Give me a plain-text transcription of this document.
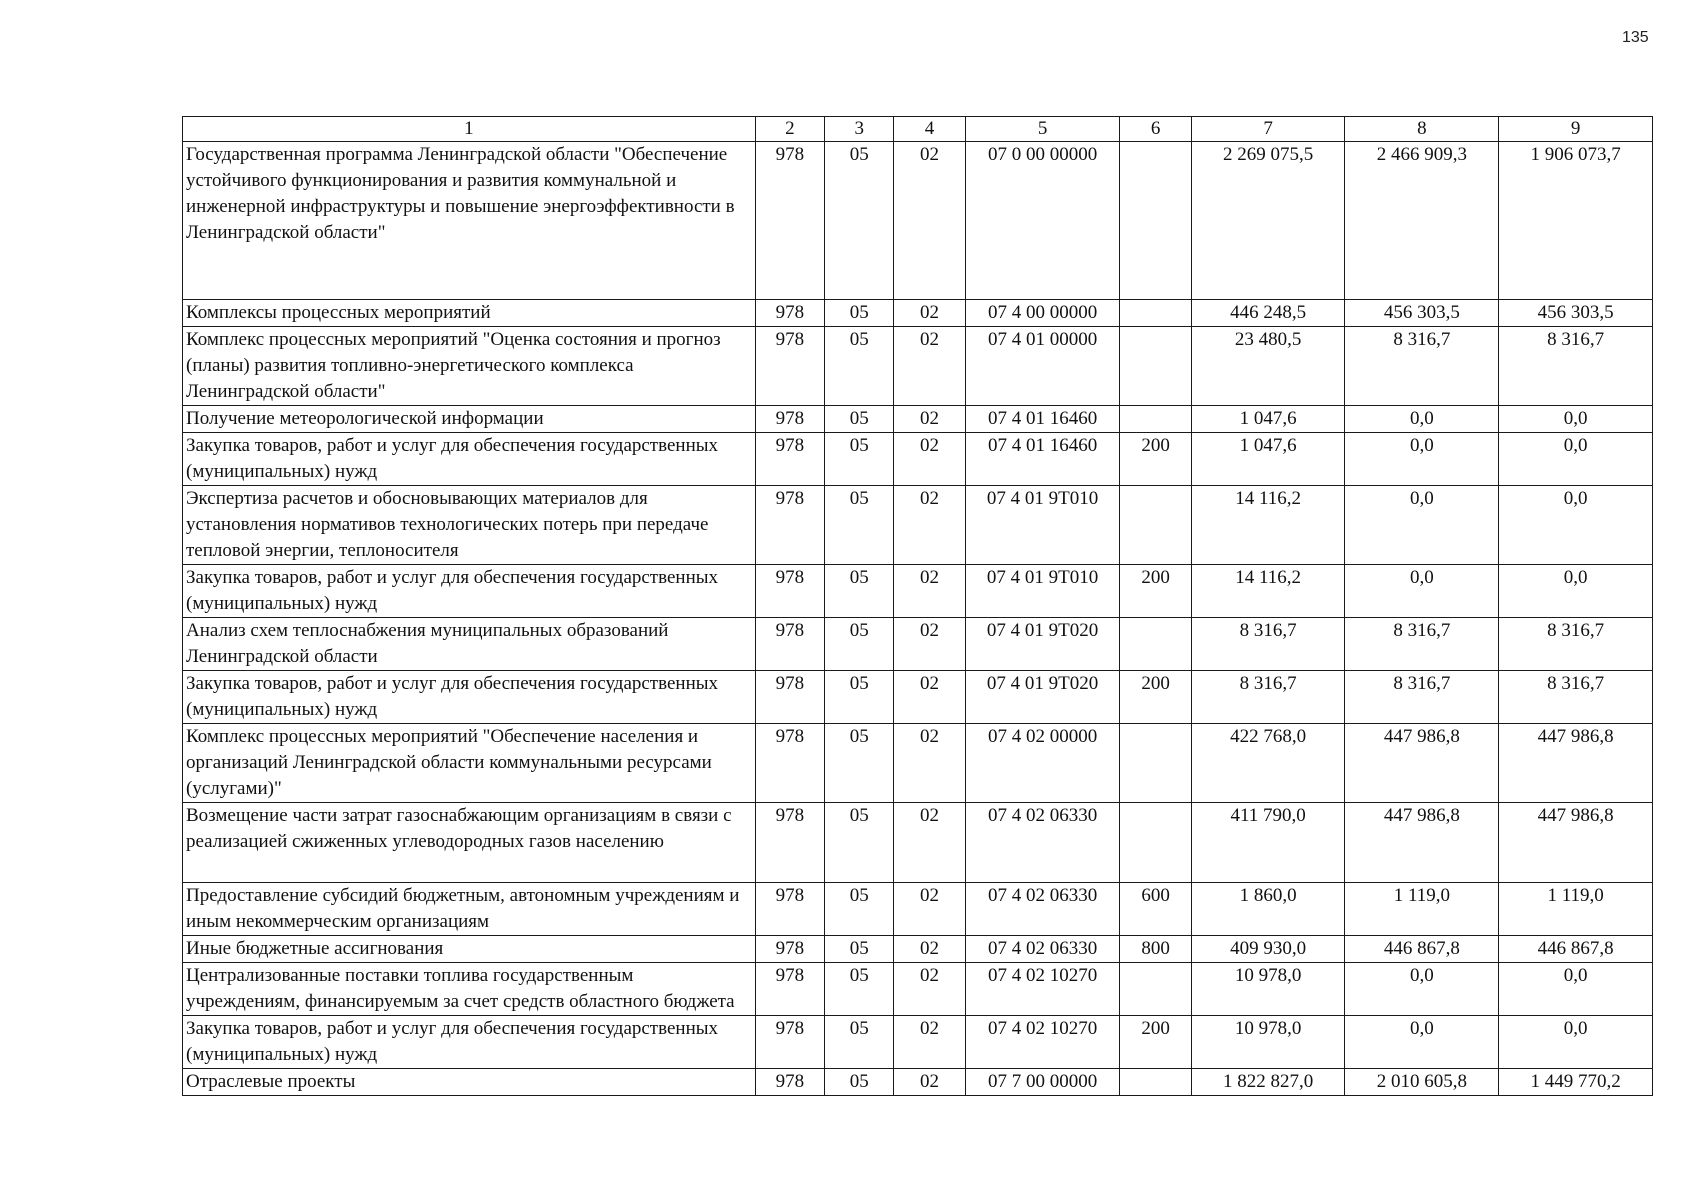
135
1	2	3	4	5	6	7	8	9
Государственная программа Ленинградской области "Обеспечение устойчивого функционирования и развития коммунальной и инженерной инфраструктуры и повышение энергоэффективности в Ленинградской области"	978	05	02	07 0 00 00000		2 269 075,5	2 466 909,3	1 906 073,7
Комплексы процессных мероприятий	978	05	02	07 4 00 00000		446 248,5	456 303,5	456 303,5
Комплекс процессных мероприятий "Оценка состояния и прогноз (планы) развития топливно-энергетического комплекса Ленинградской области"	978	05	02	07 4 01 00000		23 480,5	8 316,7	8 316,7
Получение метеорологической информации	978	05	02	07 4 01 16460		1 047,6	0,0	0,0
Закупка товаров, работ и услуг для обеспечения государственных (муниципальных) нужд	978	05	02	07 4 01 16460	200	1 047,6	0,0	0,0
Экспертиза расчетов и обосновывающих материалов для установления нормативов технологических потерь при передаче тепловой энергии, теплоносителя	978	05	02	07 4 01 9Т010		14 116,2	0,0	0,0
Закупка товаров, работ и услуг для обеспечения государственных (муниципальных) нужд	978	05	02	07 4 01 9Т010	200	14 116,2	0,0	0,0
Анализ схем теплоснабжения муниципальных образований Ленинградской области	978	05	02	07 4 01 9Т020		8 316,7	8 316,7	8 316,7
Закупка товаров, работ и услуг для обеспечения государственных (муниципальных) нужд	978	05	02	07 4 01 9Т020	200	8 316,7	8 316,7	8 316,7
Комплекс процессных мероприятий "Обеспечение населения и организаций Ленинградской области коммунальными ресурсами (услугами)"	978	05	02	07 4 02 00000		422 768,0	447 986,8	447 986,8
Возмещение части затрат газоснабжающим организациям в связи с реализацией сжиженных углеводородных газов населению	978	05	02	07 4 02 06330		411 790,0	447 986,8	447 986,8
Предоставление субсидий бюджетным, автономным учреждениям и иным некоммерческим организациям	978	05	02	07 4 02 06330	600	1 860,0	1 119,0	1 119,0
Иные бюджетные ассигнования	978	05	02	07 4 02 06330	800	409 930,0	446 867,8	446 867,8
Централизованные поставки топлива государственным учреждениям, финансируемым за счет средств областного бюджета	978	05	02	07 4 02 10270		10 978,0	0,0	0,0
Закупка товаров, работ и услуг для обеспечения государственных (муниципальных) нужд	978	05	02	07 4 02 10270	200	10 978,0	0,0	0,0
Отраслевые проекты	978	05	02	07 7 00 00000		1 822 827,0	2 010 605,8	1 449 770,2
